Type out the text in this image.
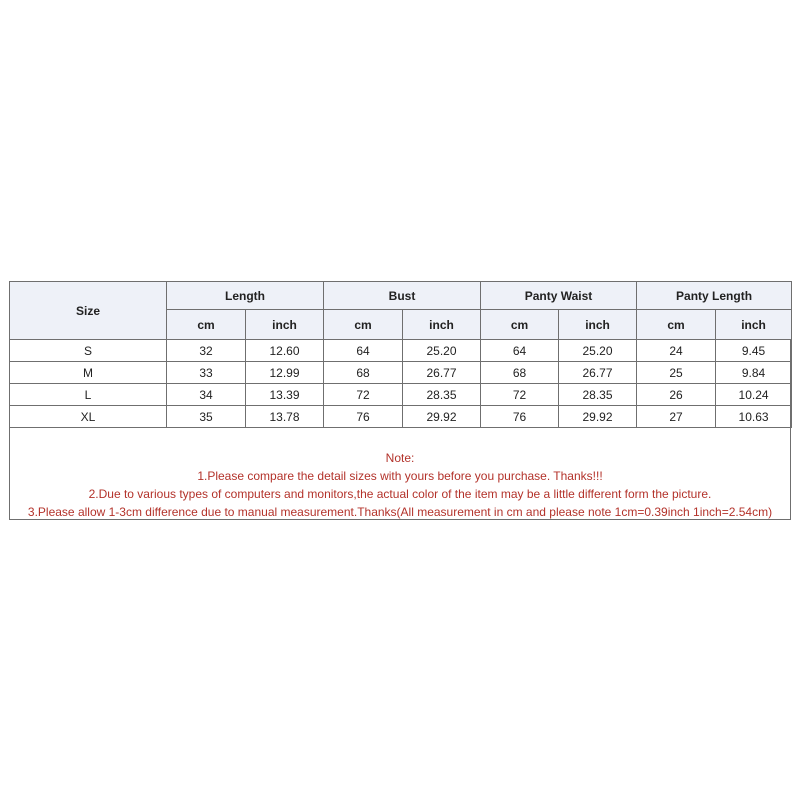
Size	Length		Bust		Panty Waist		Panty Length	
	cm	inch	cm	inch	cm	inch	cm	inch
S	32	12.60	64	25.20	64	25.20	24	9.45
M	33	12.99	68	26.77	68	26.77	25	9.84
L	34	13.39	72	28.35	72	28.35	26	10.24
XL	35	13.78	76	29.92	76	29.92	27	10.63
Note:
1.Please compare the detail sizes with yours before you purchase. Thanks!!!
2.Due to various types of computers and monitors,the actual color of the item may be a little different form the picture.
3.Please allow 1-3cm difference due to manual measurement.Thanks(All measurement in cm and please note 1cm=0.39inch 1inch=2.54cm)
